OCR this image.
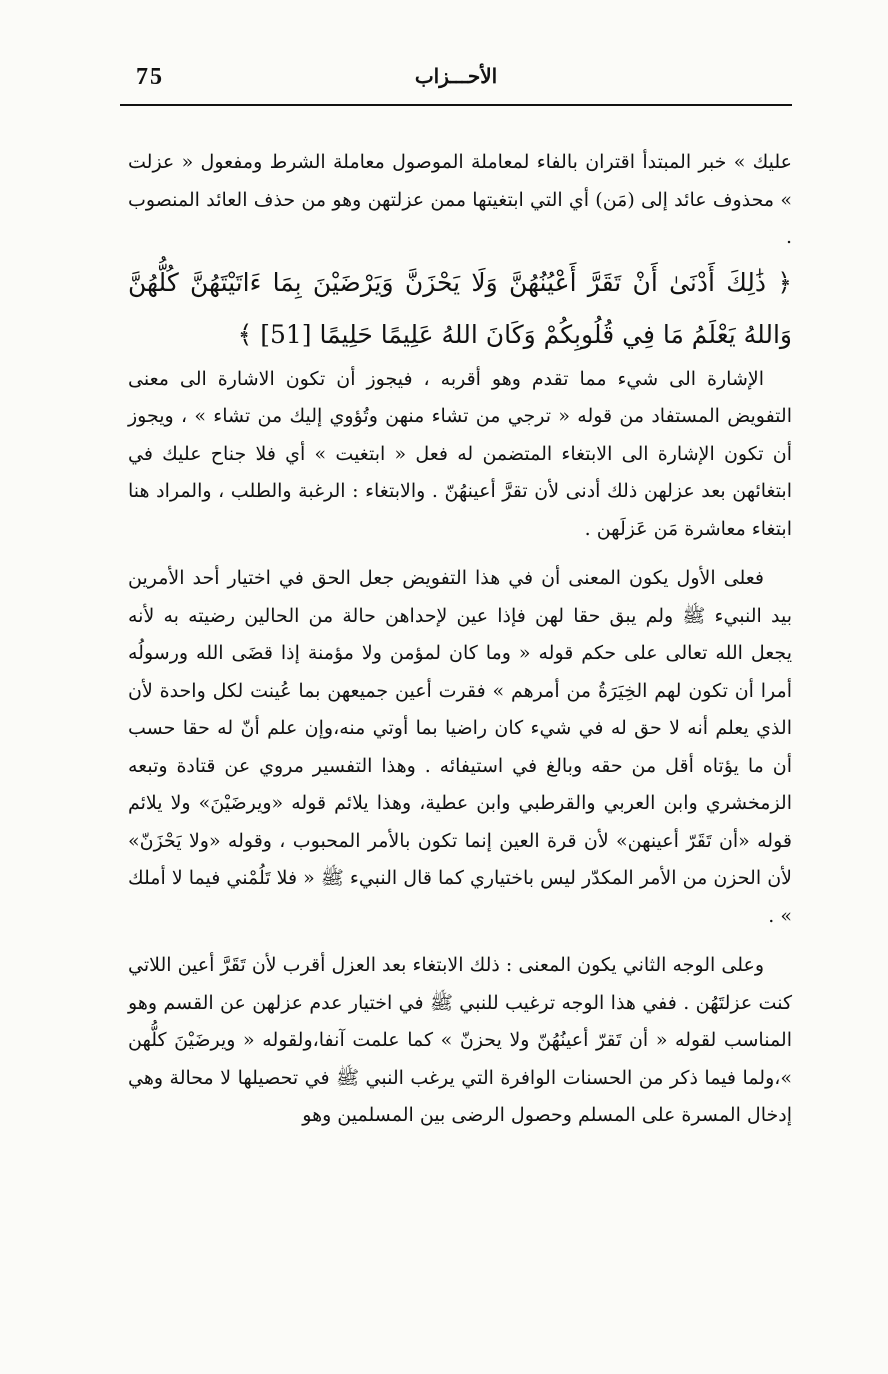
75	الأحـــزاب

عليك » خبر المبتدأ اقتران بالفاء لمعاملة الموصول معاملة الشرط ومفعول « عزلت » محذوف عائد إلى (مَن) أي التي ابتغيتها ممن عزلتهن وهو من حذف العائد المنصوب .

﴿ ذَٰلِكَ أَدْنَىٰ أَنْ تَقَرَّ أَعْيُنُهُنَّ وَلَا يَحْزَنَّ وَيَرْضَيْنَ بِمَا ءَاتَيْتَهُنَّ كُلُّهُنَّ وَاللهُ يَعْلَمُ مَا فِي قُلُوبِكُمْ وَكَانَ اللهُ عَلِيمًا حَلِيمًا [51] ﴾

الإشارة الى شيء مما تقدم وهو أقربه ، فيجوز أن تكون الاشارة الى معنى التفويض المستفاد من قوله « ترجي من تشاء منهن وتُؤوي إليك من تشاء » ، ويجوز أن تكون الإشارة الى الابتغاء المتضمن له فعل « ابتغيت » أي فلا جناح عليك في ابتغائهن بعد عزلهن ذلك أدنى لأن تقرَّ أعينهُنّ . والابتغاء : الرغبة والطلب ، والمراد هنا ابتغاء معاشرة مَن عَزلَهن .

فعلى الأول يكون المعنى أن في هذا التفويض جعل الحق في اختيار أحد الأمرين بيد النبيء ﷺ ولم يبق حقا لهن فإذا عين لإحداهن حالة من الحالين رضيته به لأنه يجعل الله تعالى على حكم قوله « وما كان لمؤمن ولا مؤمنة إذا قضَى الله ورسولُه أمرا أن تكون لهم الخِيَرَةُ من أمرهم » فقرت أعين جميعهن بما عُينت لكل واحدة لأن الذي يعلم أنه لا حق له في شيء كان راضيا بما أوتي منه،وإن علم أنّ له حقا حسب أن ما يؤتاه أقل من حقه وبالغ في استيفائه . وهذا التفسير مروي عن قتادة وتبعه الزمخشري وابن العربي والقرطبي وابن عطية، وهذا يلائم قوله «ويرضَيْنَ» ولا يلائم قوله «أن تَقَرّ أعينهن» لأن قرة العين إنما تكون بالأمر المحبوب ، وقوله «ولا يَحْزَنّ» لأن الحزن من الأمر المكدّر ليس باختياري كما قال النبيء ﷺ « فلا تَلُمْني فيما لا أملك » .

وعلى الوجه الثاني يكون المعنى : ذلك الابتغاء بعد العزل أقرب لأن تَقَرَّ أعين اللاتي كنت عزلتَهُن . ففي هذا الوجه ترغيب للنبي ﷺ في اختيار عدم عزلهن عن القسم وهو المناسب لقوله « أن تَقرّ أعينُهُنّ ولا يحزنّ » كما علمت آنفا،ولقوله « ويرضَيْنَ كلُّهن »،ولما فيما ذكر من الحسنات الوافرة التي يرغب النبي ﷺ في تحصيلها لا محالة وهي إدخال المسرة على المسلم وحصول الرضى بين المسلمين وهو
